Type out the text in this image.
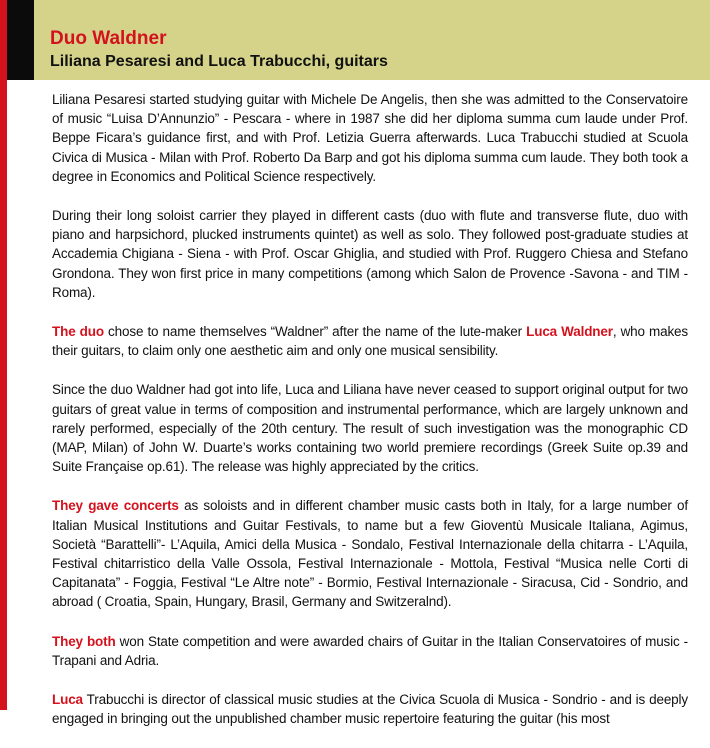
Duo Waldner
Liliana Pesaresi and Luca Trabucchi, guitars

Liliana Pesaresi started studying guitar with Michele De Angelis, then she was admitted to the Conservatoire of music “Luisa D’Annunzio” - Pescara - where in 1987 she did her diploma summa cum laude under Prof. Beppe Ficara’s guidance first, and with Prof. Letizia Guerra afterwards. Luca Trabucchi studied at Scuola Civica di Musica - Milan with Prof. Roberto Da Barp and got his diploma summa cum laude. They both took a degree in Economics and Political Science respectively.

During their long soloist carrier they played in different casts (duo with flute and transverse flute, duo with piano and harpsichord, plucked instruments quintet) as well as solo. They followed post-graduate studies at Accademia Chigiana - Siena - with Prof. Oscar Ghiglia, and studied with Prof. Ruggero Chiesa and Stefano Grondona. They won first price in many competitions (among which Salon de Provence -Savona - and TIM - Roma).

The duo chose to name themselves “Waldner” after the name of the lute-maker Luca Waldner, who makes their guitars, to claim only one aesthetic aim and only one musical sensibility.

Since the duo Waldner had got into life, Luca and Liliana have never ceased to support original output for two guitars of great value in terms of composition and instrumental performance, which are largely unknown and rarely performed, especially of the 20th century. The result of such investigation was the monographic CD (MAP, Milan) of John W. Duarte’s works containing two world premiere recordings (Greek Suite op.39 and Suite Française op.61). The release was highly appreciated by the critics.

They gave concerts as soloists and in different chamber music casts both in Italy, for a large number of Italian Musical Institutions and Guitar Festivals, to name but a few Gioventù Musicale Italiana, Agimus, Società “Barattelli”- L’Aquila, Amici della Musica - Sondalo, Festival Internazionale della chitarra - L’Aquila, Festival chitarristico della Valle Ossola, Festival Internazionale - Mottola, Festival “Musica nelle Corti di Capitanata” - Foggia, Festival “Le Altre note” - Bormio, Festival Internazionale - Siracusa, Cid - Sondrio, and abroad ( Croatia, Spain, Hungary, Brasil, Germany and Switzeralnd).

They both won State competition and were awarded chairs of Guitar in the Italian Conservatoires of music - Trapani and Adria.

Luca Trabucchi is director of classical music studies at the Civica Scuola di Musica - Sondrio - and is deeply engaged in bringing out the unpublished chamber music repertoire featuring the guitar (his most
